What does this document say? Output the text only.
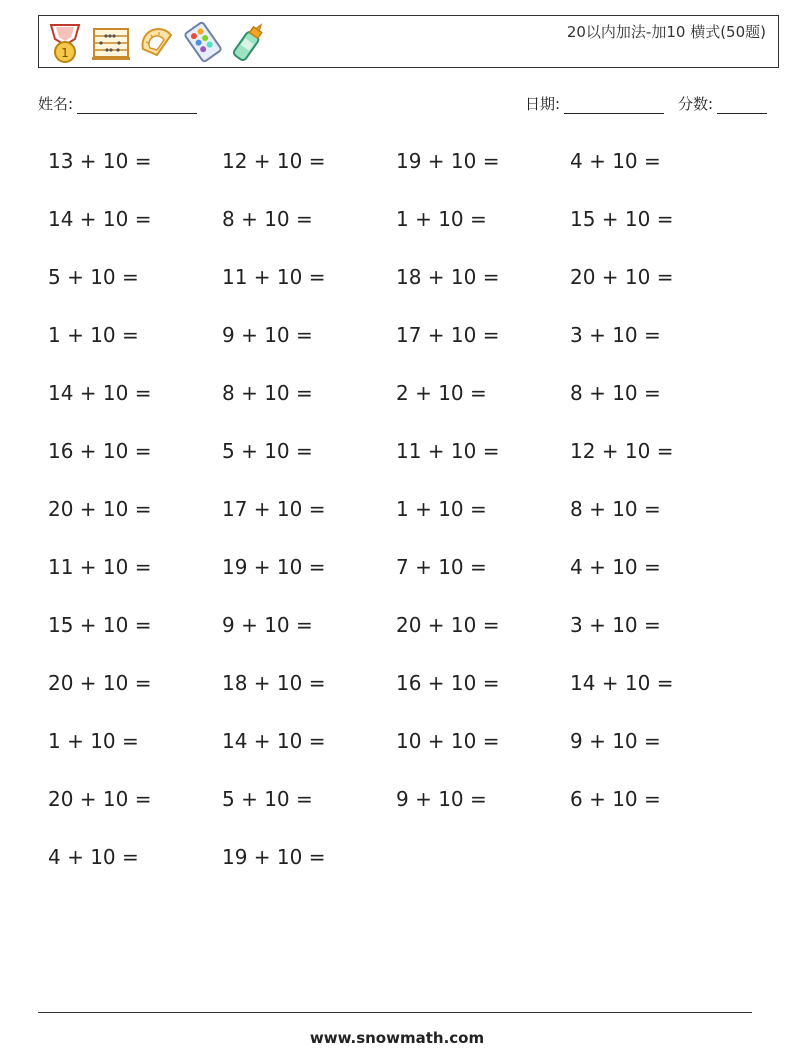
1
20以内加法-加10 横式(50题)
姓名:	日期:	分数:
13 + 10 =	12 + 10 =	19 + 10 =	4 + 10 =
14 + 10 =	8 + 10 =	1 + 10 =	15 + 10 =
5 + 10 =	11 + 10 =	18 + 10 =	20 + 10 =
1 + 10 =	9 + 10 =	17 + 10 =	3 + 10 =
14 + 10 =	8 + 10 =	2 + 10 =	8 + 10 =
16 + 10 =	5 + 10 =	11 + 10 =	12 + 10 =
20 + 10 =	17 + 10 =	1 + 10 =	8 + 10 =
11 + 10 =	19 + 10 =	7 + 10 =	4 + 10 =
15 + 10 =	9 + 10 =	20 + 10 =	3 + 10 =
20 + 10 =	18 + 10 =	16 + 10 =	14 + 10 =
1 + 10 =	14 + 10 =	10 + 10 =	9 + 10 =
20 + 10 =	5 + 10 =	9 + 10 =	6 + 10 =
4 + 10 =	19 + 10 =
www.snowmath.com
